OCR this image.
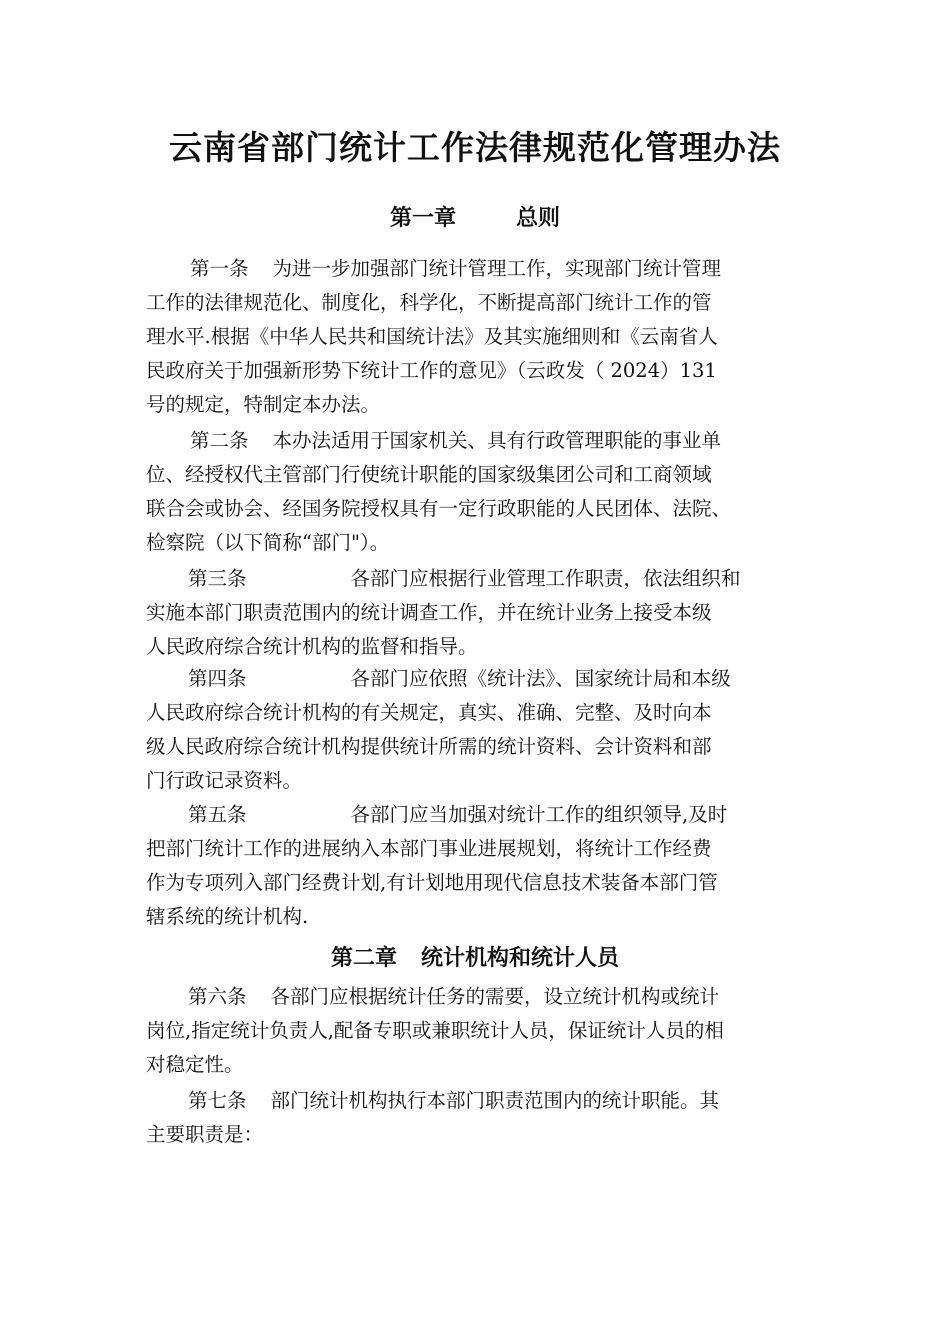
云南省部门统计工作法律规范化管理办法
第一章	总则
第一条 为进一步加强部门统计管理工作，实现部门统计管理
工作的法律规范化、制度化，科学化，不断提高部门统计工作的管
理水平.根据《中华人民共和国统计法》及其实施细则和《云南省人
民政府关于加强新形势下统计工作的意见》（云政发（ 2024）131
号的规定，特制定本办法。
第二条 本办法适用于国家机关、具有行政管理职能的事业单
位、经授权代主管部门行使统计职能的国家级集团公司和工商领域
联合会或协会、经国务院授权具有一定行政职能的人民团体、法院、
检察院（以下简称“部门"）。
第三条	各部门应根据行业管理工作职责，依法组织和
实施本部门职责范围内的统计调查工作，并在统计业务上接受本级
人民政府综合统计机构的监督和指导。
第四条	各部门应依照《统计法》、国家统计局和本级
人民政府综合统计机构的有关规定，真实、准确、完整、及时向本
级人民政府综合统计机构提供统计所需的统计资料、会计资料和部
门行政记录资料。
第五条	各部门应当加强对统计工作的组织领导,及时
把部门统计工作的进展纳入本部门事业进展规划，将统计工作经费
作为专项列入部门经费计划,有计划地用现代信息技术装备本部门管
辖系统的统计机构.
第二章 统计机构和统计人员
第六条 各部门应根据统计任务的需要，设立统计机构或统计
岗位,指定统计负责人,配备专职或兼职统计人员，保证统计人员的相
对稳定性。
第七条 部门统计机构执行本部门职责范围内的统计职能。其
主要职责是：
